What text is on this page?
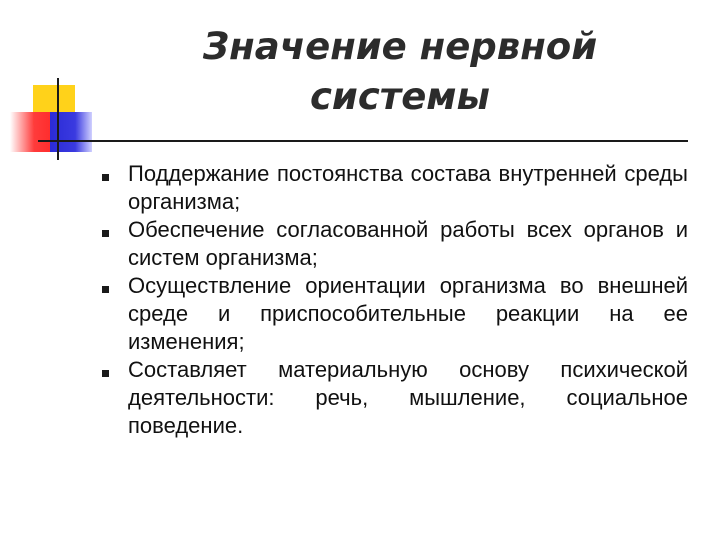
Значение нервной
системы
Поддержание постоянства состава внутренней среды организма;
Обеспечение согласованной работы всех органов и систем организма;
Осуществление ориентации организма во внешней среде и приспособительные реакции на ее изменения;
Составляет материальную основу психической деятельности: речь, мышление, социальное поведение.
